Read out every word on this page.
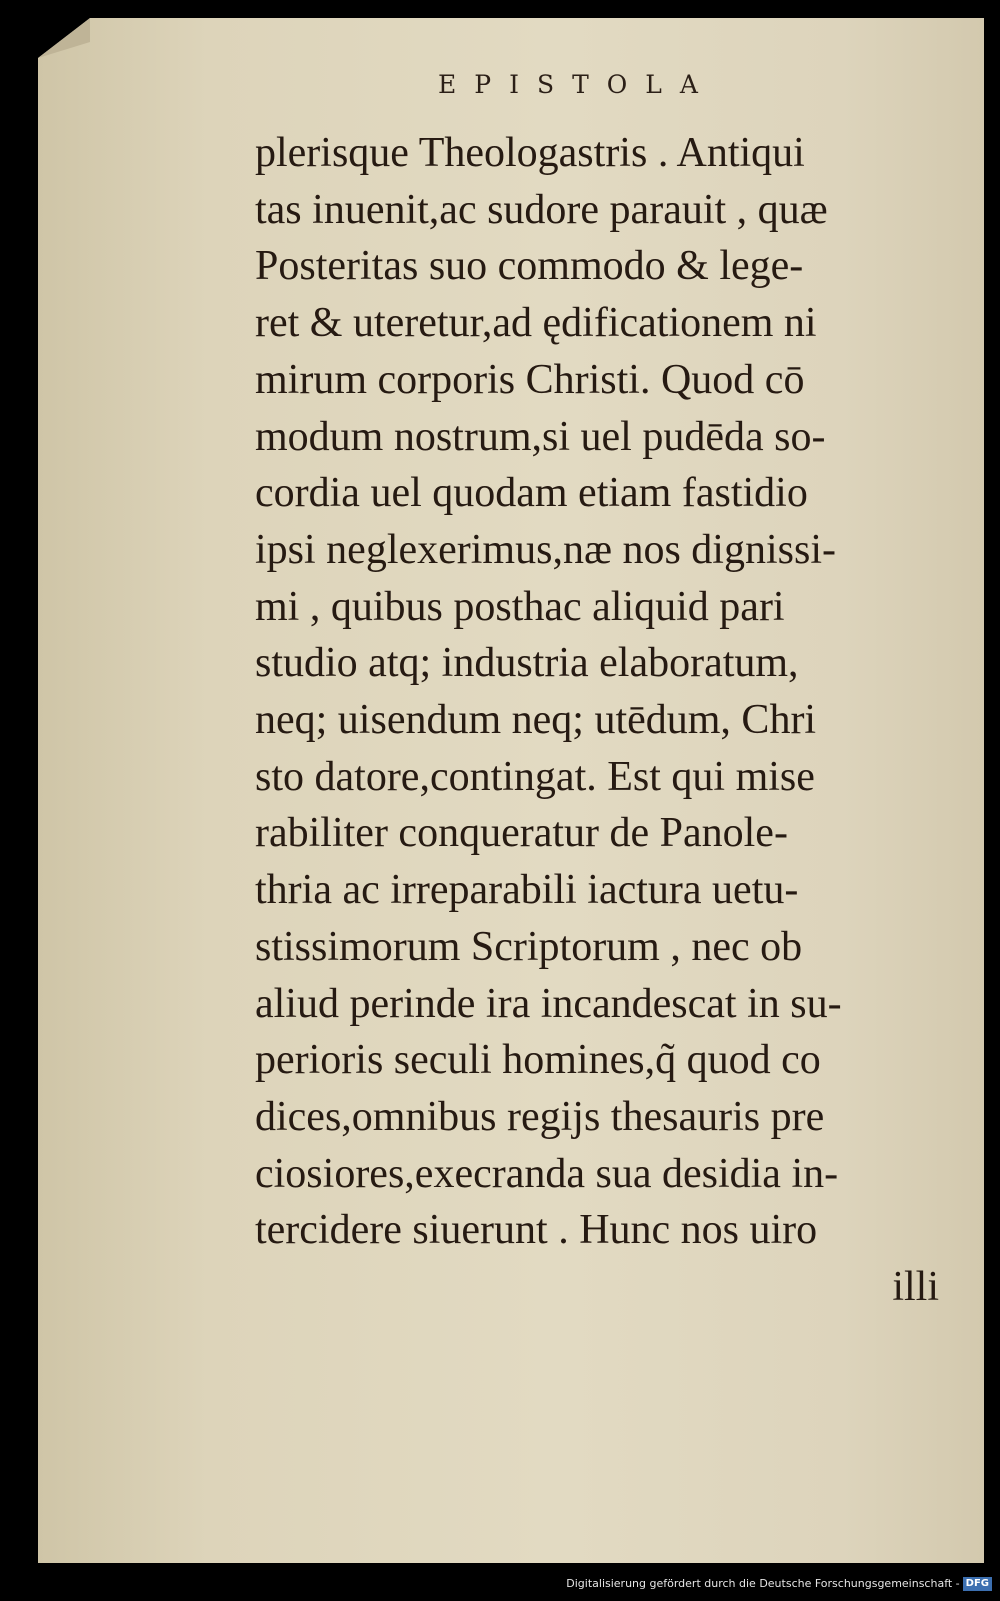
EPISTOLA
plerisque Theologastris . Antiqui
tas inuenit,ac sudore parauit , quæ
Posteritas suo commodo & lege-
ret & uteretur,ad ędificationem ni
mirum corporis Christi. Quod cō
modum nostrum,si uel pudēda so-
cordia uel quodam etiam fastidio
ipsi neglexerimus,næ nos dignissi-
mi , quibus posthac aliquid pari
studio atq; industria elaboratum,
neq; uisendum neq; utēdum, Chri
sto datore,contingat. Est qui mise
rabiliter conqueratur de Panole-
thria ac irreparabili iactura uetu-
stissimorum Scriptorum , nec ob
aliud perinde ira incandescat in su-
perioris seculi homines,q̃ quod co
dices,omnibus regijs thesauris pre
ciosiores,execranda sua desidia in-
tercidere siuerunt . Hunc nos uiro
illi
Digitalisierung gefördert durch die Deutsche Forschungsgemeinschaft - DFG
